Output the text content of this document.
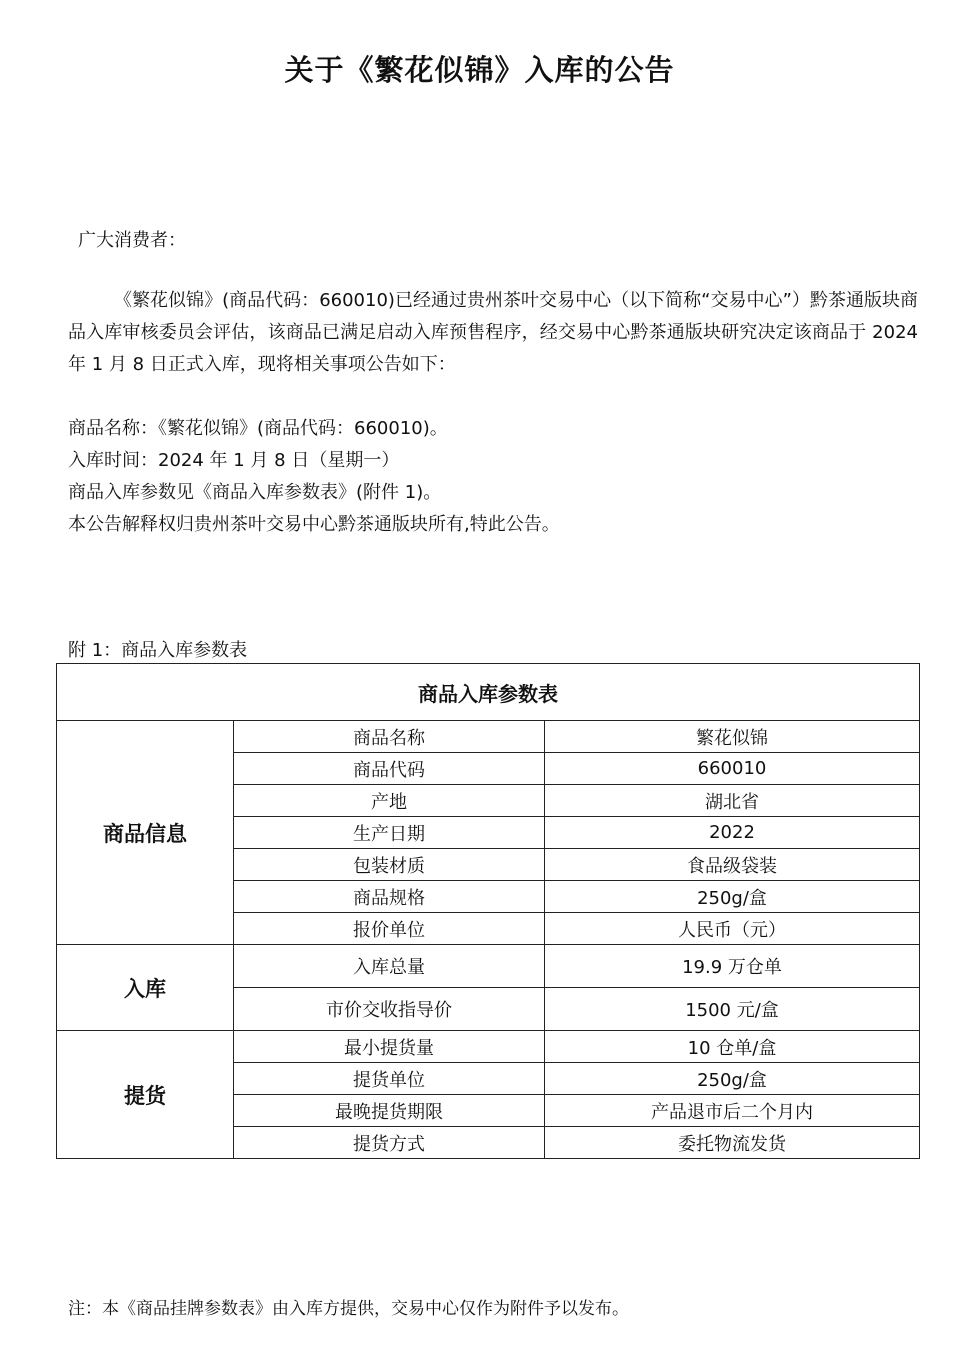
关于《繁花似锦》入库的公告
广大消费者：
《繁花似锦》(商品代码：660010)已经通过贵州茶叶交易中心（以下简称“交易中心”）黔茶通版块商品入库审核委员会评估，该商品已满足启动入库预售程序，经交易中心黔茶通版块研究决定该商品于 2024 年 1 月 8 日正式入库，现将相关事项公告如下：
商品名称：《繁花似锦》(商品代码：660010)。
入库时间：2024 年 1 月 8 日（星期一）
商品入库参数见《商品入库参数表》(附件 1)。
本公告解释权归贵州茶叶交易中心黔茶通版块所有,特此公告。
附 1：商品入库参数表
商品入库参数表		
商品信息	商品名称	繁花似锦
	商品代码	660010
	产地	湖北省
	生产日期	2022
	包装材质	食品级袋装
	商品规格	250g/盒
	报价单位	人民币（元）
入库	入库总量	19.9 万仓单
	市价交收指导价	1500 元/盒
提货	最小提货量	10 仓单/盒
	提货单位	250g/盒
	最晚提货期限	产品退市后二个月内
	提货方式	委托物流发货
注：本《商品挂牌参数表》由入库方提供，交易中心仅作为附件予以发布。
